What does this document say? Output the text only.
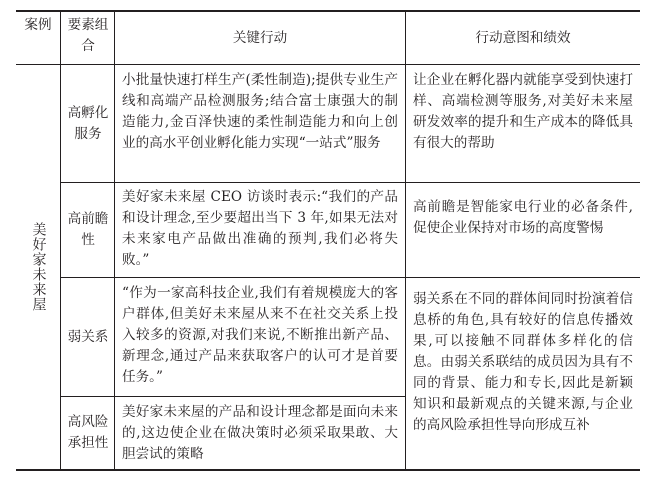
案例 要素组合
关键行动	行动意图和绩效
美好家未来屋
高孵化服务
小批量快速打样生产(柔性制造);提供专业生产线和高端产品检测服务;结合富士康强大的制造能力,金百泽快速的柔性制造能力和向上创业的高水平创业孵化能力实现“一站式”服务
让企业在孵化器内就能享受到快速打样、高端检测等服务,对美好未来屋研发效率的提升和生产成本的降低具有很大的帮助
高前瞻性
美好家未来屋 CEO 访谈时表示:“我们的产品和设计理念,至少要超出当下 3 年,如果无法对未来家电产品做出准确的预判,我们必将失败。”
高前瞻是智能家电行业的必备条件,促使企业保持对市场的高度警惕
弱关系
“作为一家高科技企业,我们有着规模庞大的客户群体,但美好未来屋从来不在社交关系上投入较多的资源,对我们来说,不断推出新产品、新理念,通过产品来获取客户的认可才是首要任务。”
高风险承担性
美好家未来屋的产品和设计理念都是面向未来的,这边使企业在做决策时必须采取果敢、大胆尝试的策略
弱关系在不同的群体间同时扮演着信息桥的角色,具有较好的信息传播效果,可以接触不同群体多样化的信息。由弱关系联结的成员因为具有不同的背景、能力和专长,因此是新颖知识和最新观点的关键来源,与企业的高风险承担性导向形成互补
